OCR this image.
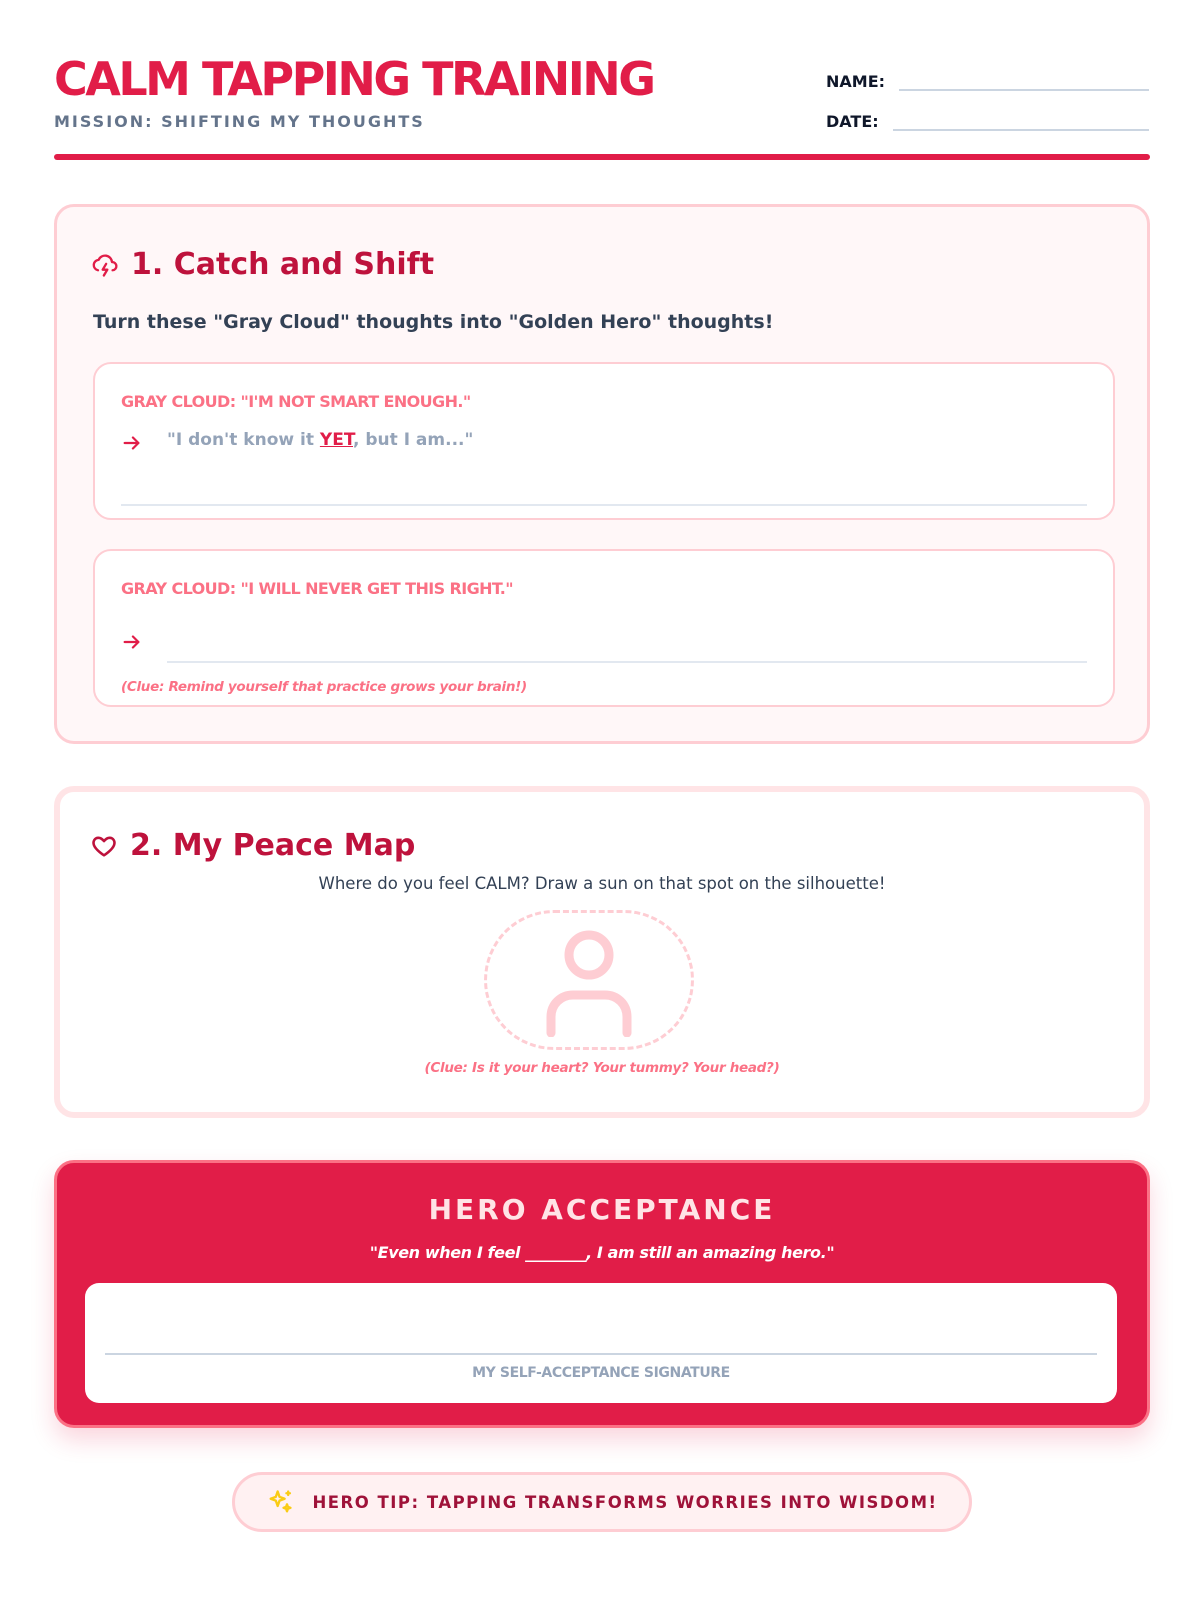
CALM TAPPING TRAINING
MISSION: SHIFTING MY THOUGHTS
NAME:
DATE:
1. Catch and Shift
Turn these "Gray Cloud" thoughts into "Golden Hero" thoughts!
GRAY CLOUD: "I'M NOT SMART ENOUGH."
"I don't know it YET, but I am..."
GRAY CLOUD: "I WILL NEVER GET THIS RIGHT."
(Clue: Remind yourself that practice grows your brain!)
2. My Peace Map
Where do you feel CALM? Draw a sun on that spot on the silhouette!
(Clue: Is it your heart? Your tummy? Your head?)
HERO ACCEPTANCE
"Even when I feel ________, I am still an amazing hero."
MY SELF-ACCEPTANCE SIGNATURE
HERO TIP: TAPPING TRANSFORMS WORRIES INTO WISDOM!
